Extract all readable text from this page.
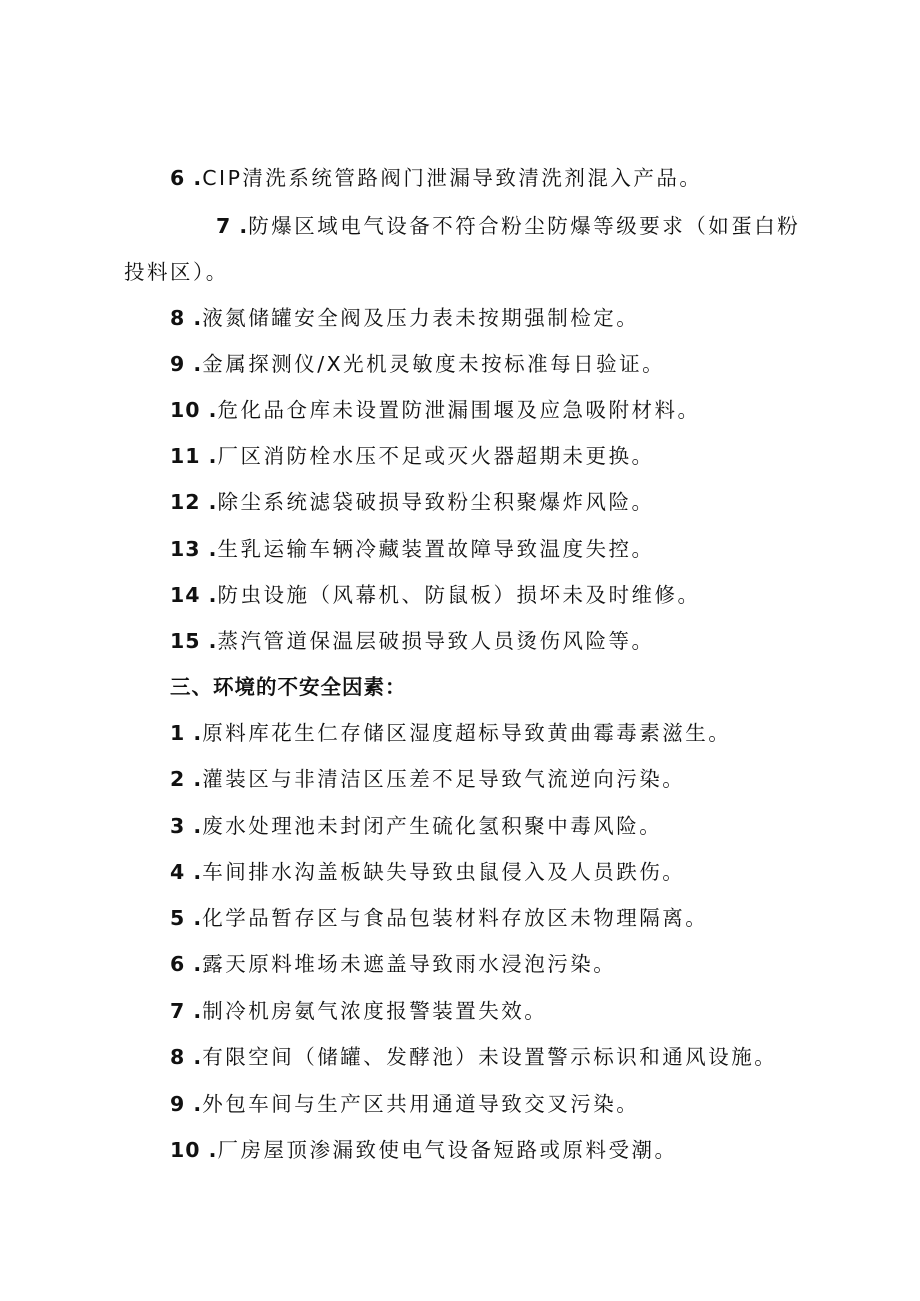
6 .CIP清洗系统管路阀门泄漏导致清洗剂混入产品。

7 .防爆区域电气设备不符合粉尘防爆等级要求（如蛋白粉投料区）。

8 .液氮储罐安全阀及压力表未按期强制检定。

9 .金属探测仪/X光机灵敏度未按标准每日验证。

10 .危化品仓库未设置防泄漏围堰及应急吸附材料。

11 .厂区消防栓水压不足或灭火器超期未更换。

12 .除尘系统滤袋破损导致粉尘积聚爆炸风险。

13 .生乳运输车辆冷藏装置故障导致温度失控。

14 .防虫设施（风幕机、防鼠板）损坏未及时维修。

15 .蒸汽管道保温层破损导致人员烫伤风险等。

三、环境的不安全因素：

1 .原料库花生仁存储区湿度超标导致黄曲霉毒素滋生。

2 .灌装区与非清洁区压差不足导致气流逆向污染。

3 .废水处理池未封闭产生硫化氢积聚中毒风险。

4 .车间排水沟盖板缺失导致虫鼠侵入及人员跌伤。

5 .化学品暂存区与食品包装材料存放区未物理隔离。

6 .露天原料堆场未遮盖导致雨水浸泡污染。

7 .制冷机房氨气浓度报警装置失效。

8 .有限空间（储罐、发酵池）未设置警示标识和通风设施。

9 .外包车间与生产区共用通道导致交叉污染。

10 .厂房屋顶渗漏致使电气设备短路或原料受潮。
